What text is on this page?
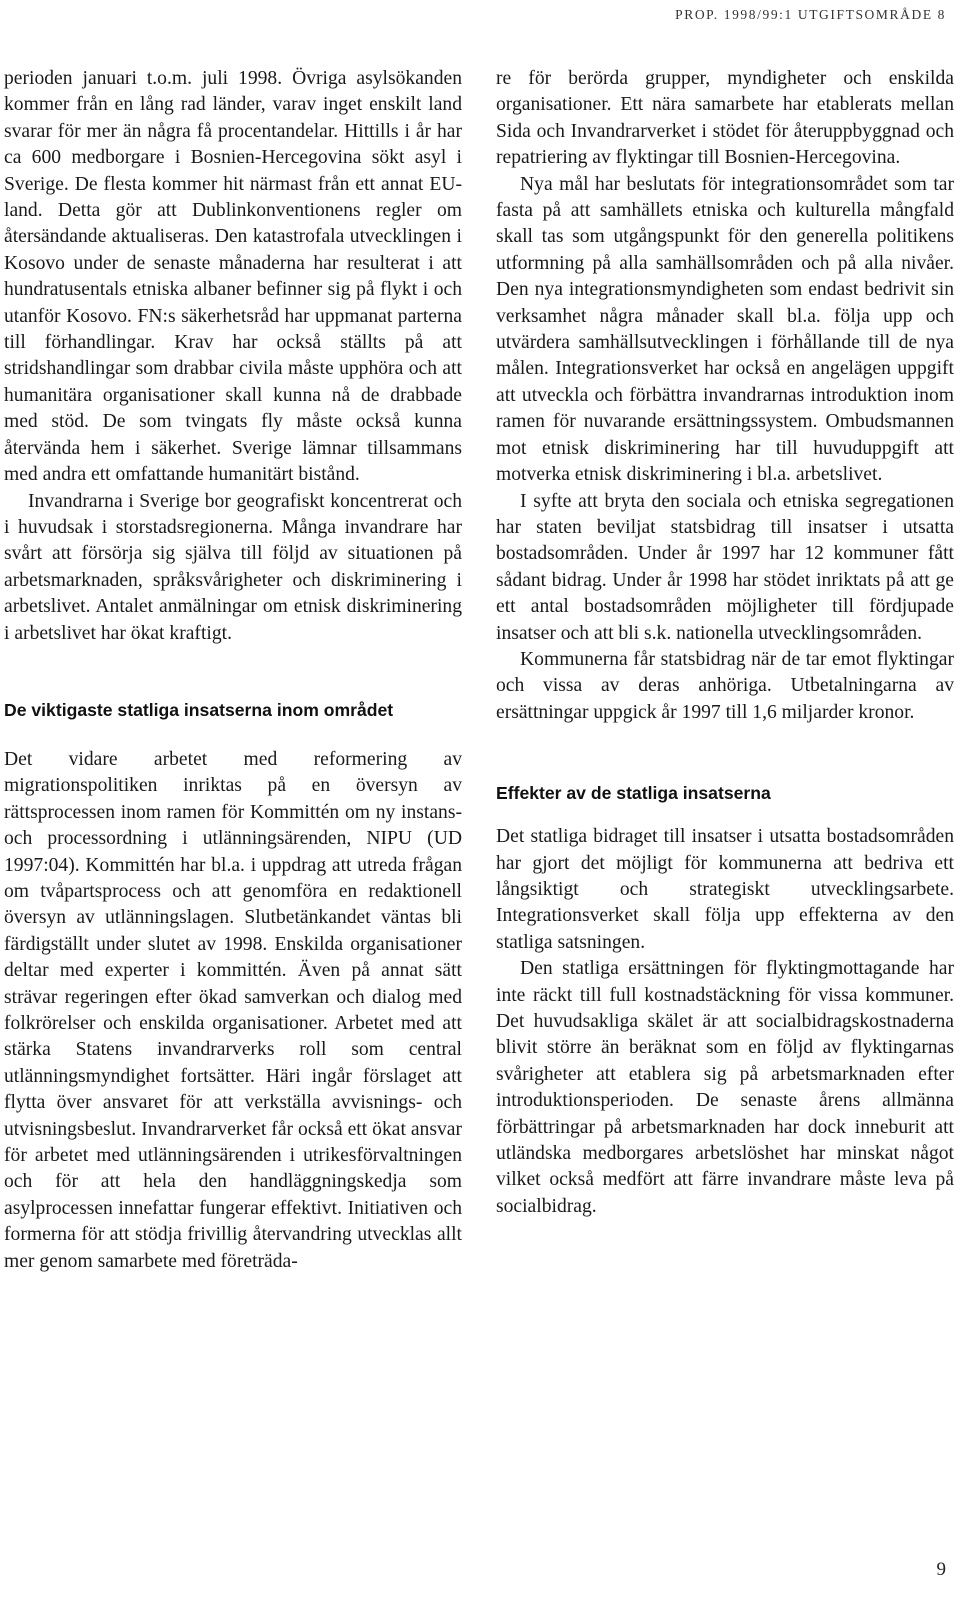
PROP. 1998/99:1 UTGIFTSOMRÅDE 8

perioden januari t.o.m. juli 1998. Övriga asylsökanden kommer från en lång rad länder, varav inget enskilt land svarar för mer än några få procentandelar. Hittills i år har ca 600 medborgare i Bosnien-Hercegovina sökt asyl i Sverige. De flesta kommer hit närmast från ett annat EU-land. Detta gör att Dublinkonventionens regler om återsändande aktualiseras. Den katastrofala utvecklingen i Kosovo under de senaste månaderna har resulterat i att hundratusentals etniska albaner befinner sig på flykt i och utanför Kosovo. FN:s säkerhetsråd har uppmanat parterna till förhandlingar. Krav har också ställts på att stridshandlingar som drabbar civila måste upphöra och att humanitära organisationer skall kunna nå de drabbade med stöd. De som tvingats fly måste också kunna återvända hem i säkerhet. Sverige lämnar tillsammans med andra ett omfattande humanitärt bistånd.

Invandrarna i Sverige bor geografiskt koncentrerat och i huvudsak i storstadsregionerna. Många invandrare har svårt att försörja sig själva till följd av situationen på arbetsmarknaden, språksvårigheter och diskriminering i arbetslivet. Antalet anmälningar om etnisk diskriminering i arbetslivet har ökat kraftigt.

De viktigaste statliga insatserna inom området

Det vidare arbetet med reformering av migrationspolitiken inriktas på en översyn av rättsprocessen inom ramen för Kommittén om ny instans- och processordning i utlänningsärenden, NIPU (UD 1997:04). Kommittén har bl.a. i uppdrag att utreda frågan om tvåpartsprocess och att genomföra en redaktionell översyn av utlänningslagen. Slutbetänkandet väntas bli färdigställt under slutet av 1998. Enskilda organisationer deltar med experter i kommittén. Även på annat sätt strävar regeringen efter ökad samverkan och dialog med folkrörelser och enskilda organisationer. Arbetet med att stärka Statens invandrarverks roll som central utlänningsmyndighet fortsätter. Häri ingår förslaget att flytta över ansvaret för att verkställa avvisnings- och utvisningsbeslut. Invandrarverket får också ett ökat ansvar för arbetet med utlänningsärenden i utrikesförvaltningen och för att hela den handläggningskedja som asylprocessen innefattar fungerar effektivt. Initiativen och formerna för att stödja frivillig återvandring utvecklas allt mer genom samarbete med företräda-

re för berörda grupper, myndigheter och enskilda organisationer. Ett nära samarbete har etablerats mellan Sida och Invandrarverket i stödet för återuppbyggnad och repatriering av flyktingar till Bosnien-Hercegovina.

Nya mål har beslutats för integrationsområdet som tar fasta på att samhällets etniska och kulturella mångfald skall tas som utgångspunkt för den generella politikens utformning på alla samhällsområden och på alla nivåer. Den nya integrationsmyndigheten som endast bedrivit sin verksamhet några månader skall bl.a. följa upp och utvärdera samhällsutvecklingen i förhållande till de nya målen. Integrationsverket har också en angelägen uppgift att utveckla och förbättra invandrarnas introduktion inom ramen för nuvarande ersättningssystem. Ombudsmannen mot etnisk diskriminering har till huvuduppgift att motverka etnisk diskriminering i bl.a. arbetslivet.

I syfte att bryta den sociala och etniska segregationen har staten beviljat statsbidrag till insatser i utsatta bostadsområden. Under år 1997 har 12 kommuner fått sådant bidrag. Under år 1998 har stödet inriktats på att ge ett antal bostadsområden möjligheter till fördjupade insatser och att bli s.k. nationella utvecklingsområden.

Kommunerna får statsbidrag när de tar emot flyktingar och vissa av deras anhöriga. Utbetalningarna av ersättningar uppgick år 1997 till 1,6 miljarder kronor.

Effekter av de statliga insatserna

Det statliga bidraget till insatser i utsatta bostadsområden har gjort det möjligt för kommunerna att bedriva ett långsiktigt och strategiskt utvecklingsarbete. Integrationsverket skall följa upp effekterna av den statliga satsningen.

Den statliga ersättningen för flyktingmottagande har inte räckt till full kostnadstäckning för vissa kommuner. Det huvudsakliga skälet är att socialbidragskostnaderna blivit större än beräknat som en följd av flyktingarnas svårigheter att etablera sig på arbetsmarknaden efter introduktionsperioden. De senaste årens allmänna förbättringar på arbetsmarknaden har dock inneburit att utländska medborgares arbetslöshet har minskat något vilket också medfört att färre invandrare måste leva på socialbidrag.

9
